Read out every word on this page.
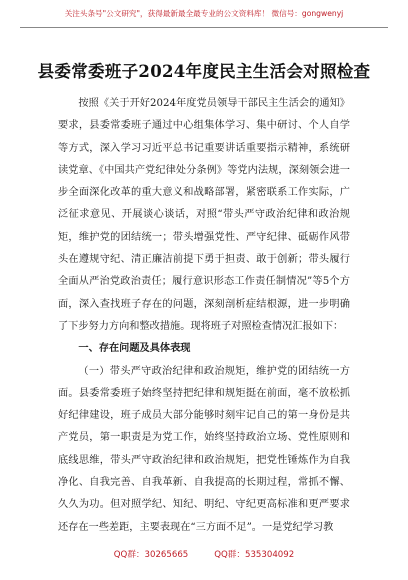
关注头条号"公文研究"，获得最新最全最专业的公文资料库！ 微信号：gongwenyj
县委常委班子2024年度民主生活会对照检查

按照《关于开好2024年度党员领导干部民主生活会的通知》要求，县委常委班子通过中心组集体学习、集中研讨、个人自学等方式，深入学习习近平总书记重要讲话重要指示精神，系统研读党章、《中国共产党纪律处分条例》等党内法规，深刻领会进一步全面深化改革的重大意义和战略部署，紧密联系工作实际，广泛征求意见、开展谈心谈话，对照“带头严守政治纪律和政治规矩，维护党的团结统一；带头增强党性、严守纪律、砥砺作风带头在遵规守纪、清正廉洁前提下勇于担责、敢于创新；带头履行全面从严治党政治责任；履行意识形态工作责任制情况”等5个方面，深入查找班子存在的问题，深刻剖析症结根源，进一步明确了下步努力方向和整改措施。现将班子对照检查情况汇报如下：

一、存在问题及具体表现

（一）带头严守政治纪律和政治规矩，维护党的团结统一方面。县委常委班子始终坚持把纪律和规矩挺在前面，毫不放松抓好纪律建设，班子成员大部分能够时刻牢记自己的第一身份是共产党员，第一职责是为党工作，始终坚持政治立场、党性原则和底线思维，带头严守政治纪律和政治规矩，把党性锤炼作为自我净化、自我完善、自我革新、自我提高的长期过程，常抓不懈、久久为功。但对照学纪、知纪、明纪、守纪更高标准和更严要求还存在一些差距，主要表现在“三方面不足”。一是党纪学习教

QQ群：30265665	QQ群：535304092
